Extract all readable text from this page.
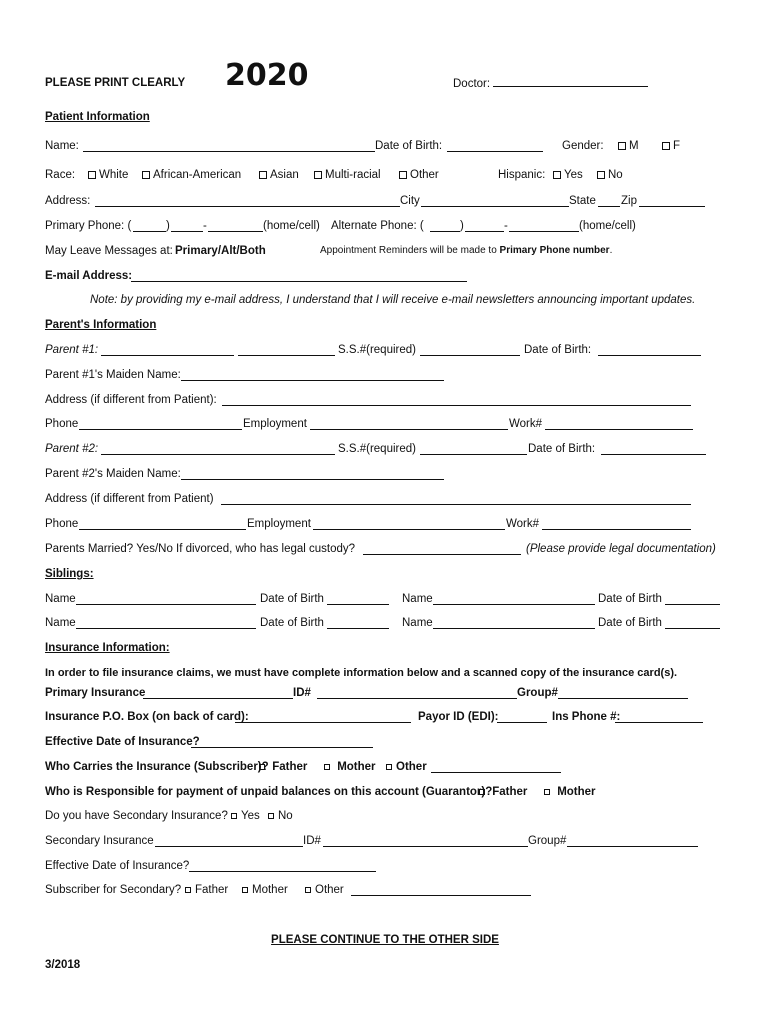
PLEASE PRINT CLEARLY	2020	Doctor:
Patient Information
Name:	Date of Birth:	Gender:	M	F
Race:	White	African-American	Asian	Multi-racial	Other	Hispanic:	Yes	No
Address:	City	State Zip
Primary Phone: (	)	-	(home/cell) Alternate Phone: (	)	-	(home/cell)
May Leave Messages at: Primary/Alt/Both	Appointment Reminders will be made to Primary Phone number.
E-mail Address:
Note: by providing my e-mail address, I understand that I will receive e-mail newsletters announcing important updates.
Parent's Information
Parent #1:	S.S.#(required)	Date of Birth:
Parent #1's Maiden Name:
Address (if different from Patient):
Phone	Employment	Work#
Parent #2:	S.S.#(required)	Date of Birth:
Parent #2's Maiden Name:
Address (if different from Patient)
Phone	Employment	Work#
Parents Married? Yes/No If divorced, who has legal custody?	(Please provide legal documentation)
Siblings:
Name	Date of Birth	Name	Date of Birth
Name	Date of Birth	Name	Date of Birth
Insurance Information:
In order to file insurance claims, we must have complete information below and a scanned copy of the insurance card(s).
Primary Insurance	ID#	Group#
Insurance P.O. Box (on back of card):	Payor ID (EDI):	Ins Phone #:
Effective Date of Insurance?
Who Carries the Insurance (Subscriber)? Father	Mother	Other
Who is Responsible for payment of unpaid balances on this account (Guarantor)? Father	Mother
Do you have Secondary Insurance?	Yes	No
Secondary Insurance	ID#	Group#
Effective Date of Insurance?
Subscriber for Secondary?	Father	Mother	Other
PLEASE CONTINUE TO THE OTHER SIDE
3/2018
